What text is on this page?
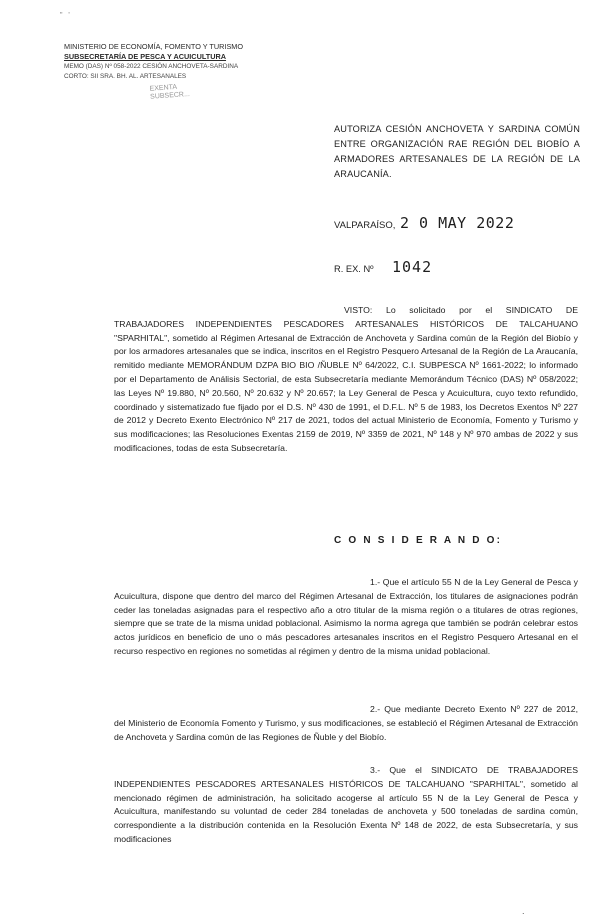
" '
MINISTERIO DE ECONOMÍA, FOMENTO Y TURISMO
SUBSECRETARÍA DE PESCA Y ACUICULTURA
MEMO (DAS) Nº 058-2022 CESIÓN ANCHOVETA-SARDINA
CORTO: SII SRA. BH. AL. ARTESANALES
EXENTA
SUBSECR...
AUTORIZA CESIÓN ANCHOVETA Y SARDINA COMÚN ENTRE ORGANIZACIÓN RAE REGIÓN DEL BIOBÍO A ARMADORES ARTESANALES DE LA REGIÓN DE LA ARAUCANÍA.
VALPARAÍSO, 2 0 MAY 2022
R. EX. Nº 1042
VISTO: Lo solicitado por el SINDICATO DE TRABAJADORES INDEPENDIENTES PESCADORES ARTESANALES HISTÓRICOS DE TALCAHUANO "SPARHITAL", sometido al Régimen Artesanal de Extracción de Anchoveta y Sardina común de la Región del Biobío y por los armadores artesanales que se indica, inscritos en el Registro Pesquero Artesanal de la Región de La Araucanía, remitido mediante MEMORÁNDUM DZPA BIO BIO /ÑUBLE Nº 64/2022, C.I. SUBPESCA Nº 1661-2022; lo informado por el Departamento de Análisis Sectorial, de esta Subsecretaría mediante Memorándum Técnico (DAS) Nº 058/2022; las Leyes Nº 19.880, Nº 20.560, Nº 20.632 y Nº 20.657; la Ley General de Pesca y Acuicultura, cuyo texto refundido, coordinado y sistematizado fue fijado por el D.S. Nº 430 de 1991, el D.F.L. Nº 5 de 1983, los Decretos Exentos Nº 227 de 2012 y Decreto Exento Electrónico Nº 217 de 2021, todos del actual Ministerio de Economía, Fomento y Turismo y sus modificaciones; las Resoluciones Exentas 2159 de 2019, Nº 3359 de 2021, Nº 148 y Nº 970 ambas de 2022 y sus modificaciones, todas de esta Subsecretaría.
C O N S I D E R A N D O:
1.- Que el artículo 55 N de la Ley General de Pesca y Acuicultura, dispone que dentro del marco del Régimen Artesanal de Extracción, los titulares de asignaciones podrán ceder las toneladas asignadas para el respectivo año a otro titular de la misma región o a titulares de otras regiones, siempre que se trate de la misma unidad poblacional. Asimismo la norma agrega que también se podrán celebrar estos actos jurídicos en beneficio de uno o más pescadores artesanales inscritos en el Registro Pesquero Artesanal en el recurso respectivo en regiones no sometidas al régimen y dentro de la misma unidad poblacional.
2.- Que mediante Decreto Exento Nº 227 de 2012, del Ministerio de Economía Fomento y Turismo, y sus modificaciones, se estableció el Régimen Artesanal de Extracción de Anchoveta y Sardina común de las Regiones de Ñuble y del Biobío.
3.- Que el SINDICATO DE TRABAJADORES INDEPENDIENTES PESCADORES ARTESANALES HISTÓRICOS DE TALCAHUANO "SPARHITAL", sometido al mencionado régimen de administración, ha solicitado acogerse al artículo 55 N de la Ley General de Pesca y Acuicultura, manifestando su voluntad de ceder 284 toneladas de anchoveta y 500 toneladas de sardina común, correspondiente a la distribución contenida en la Resolución Exenta Nº 148 de 2022, de esta Subsecretaría, y sus modificaciones
.
